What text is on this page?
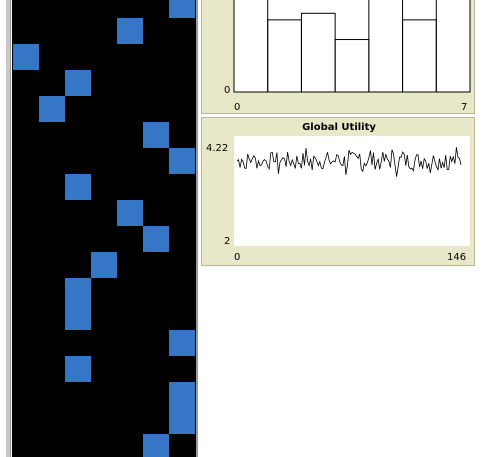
0
0	7
Global Utility
4.22
2
0	146
